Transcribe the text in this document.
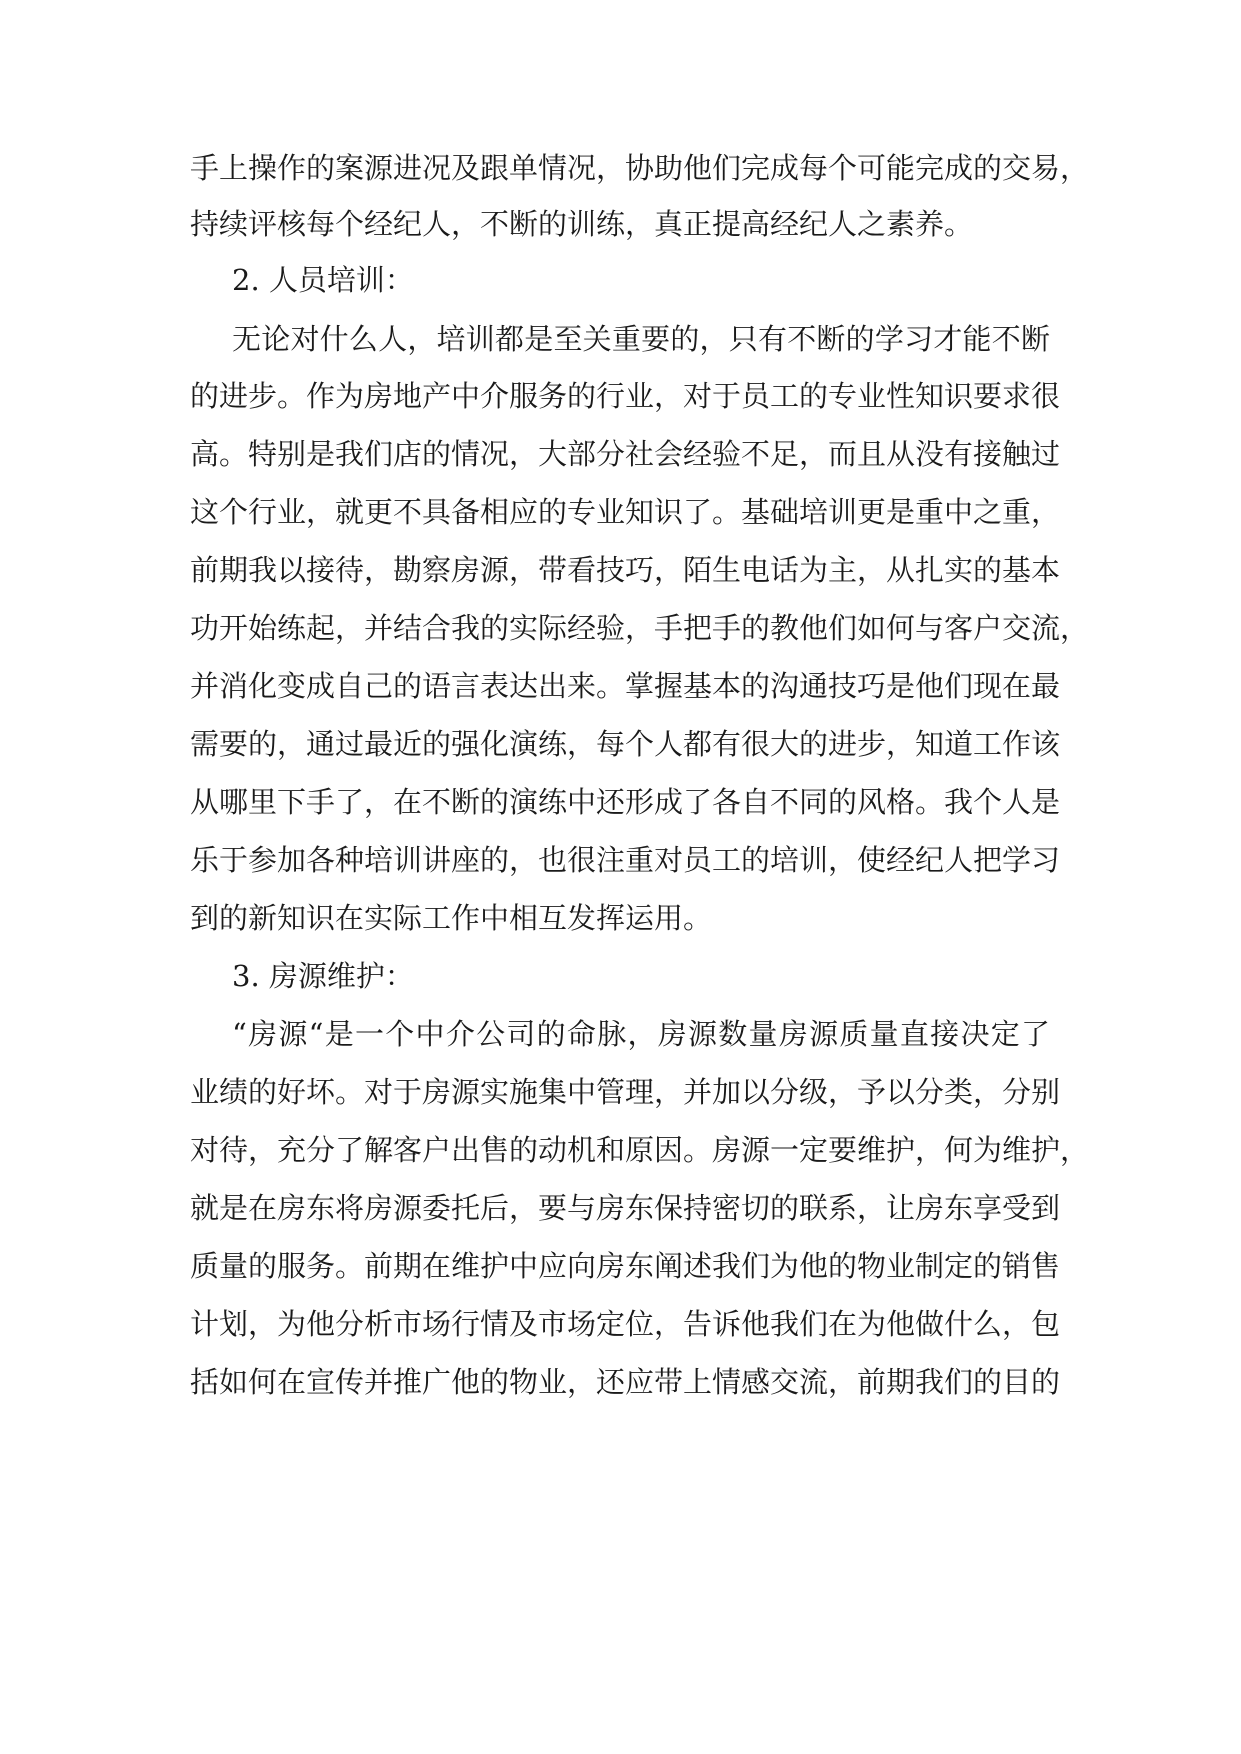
手上操作的案源进况及跟单情况，协助他们完成每个可能完成的交易，
持续评核每个经纪人，不断的训练，真正提高经纪人之素养。
2. 人员培训：
无论对什么人，培训都是至关重要的，只有不断的学习才能不断
的进步。作为房地产中介服务的行业，对于员工的专业性知识要求很
高。特别是我们店的情况，大部分社会经验不足，而且从没有接触过
这个行业，就更不具备相应的专业知识了。基础培训更是重中之重，
前期我以接待，勘察房源，带看技巧，陌生电话为主，从扎实的基本
功开始练起，并结合我的实际经验，手把手的教他们如何与客户交流，
并消化变成自己的语言表达出来。掌握基本的沟通技巧是他们现在最
需要的，通过最近的强化演练，每个人都有很大的进步，知道工作该
从哪里下手了，在不断的演练中还形成了各自不同的风格。我个人是
乐于参加各种培训讲座的，也很注重对员工的培训，使经纪人把学习
到的新知识在实际工作中相互发挥运用。
3. 房源维护：
“房源“是一个中介公司的命脉，房源数量房源质量直接决定了
业绩的好坏。对于房源实施集中管理，并加以分级，予以分类，分别
对待，充分了解客户出售的动机和原因。房源一定要维护，何为维护，
就是在房东将房源委托后，要与房东保持密切的联系，让房东享受到
质量的服务。前期在维护中应向房东阐述我们为他的物业制定的销售
计划，为他分析市场行情及市场定位，告诉他我们在为他做什么，包
括如何在宣传并推广他的物业，还应带上情感交流，前期我们的目的
